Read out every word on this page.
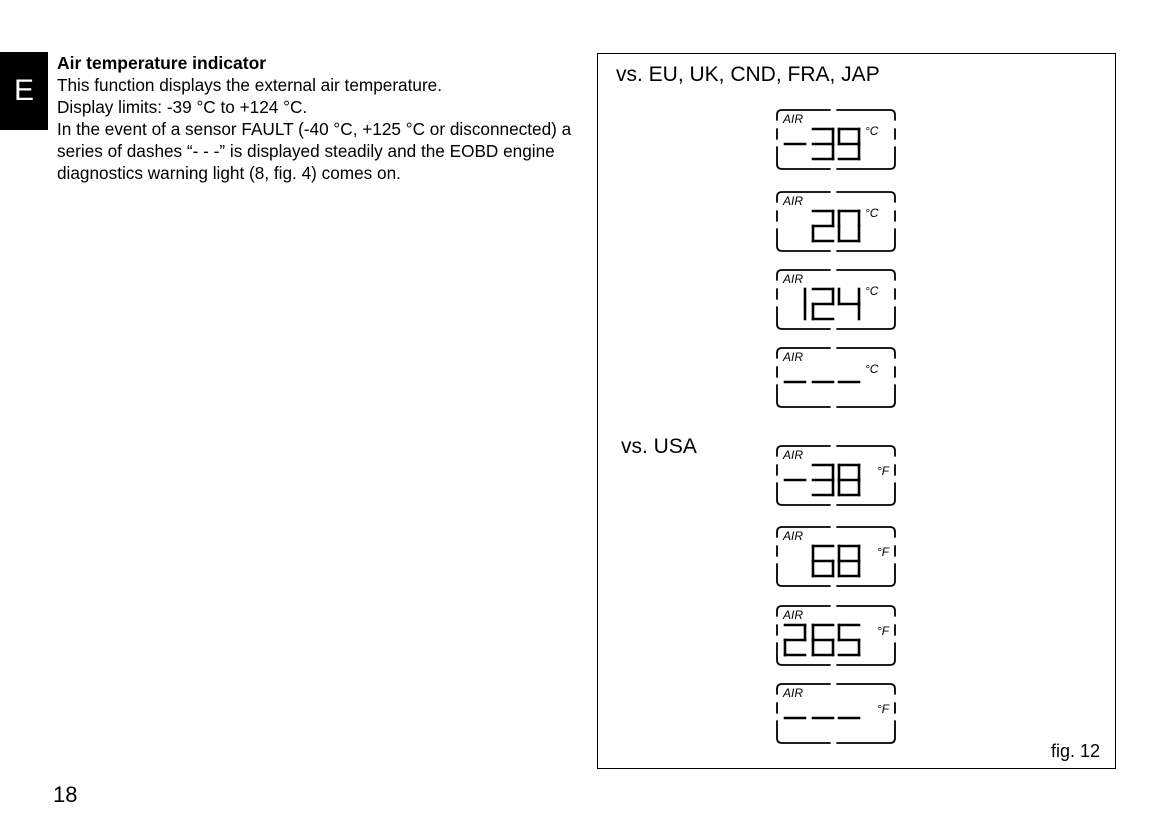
E

Air temperature indicator

This function displays the external air temperature.

Display limits: -39 °C to +124 °C.

In the event of a sensor FAULT (-40 °C, +125 °C or disconnected) a series of dashes “- - -” is displayed steadily and the EOBD engine diagnostics warning light (8, fig. 4) comes on.

18
vs. EU, UK, CND, FRA, JAP
vs. USA
AIR
°C
AIR
°C
AIR
°C
AIR
°C
AIR
°F
AIR
°F
AIR
°F
AIR
°F
fig. 12
